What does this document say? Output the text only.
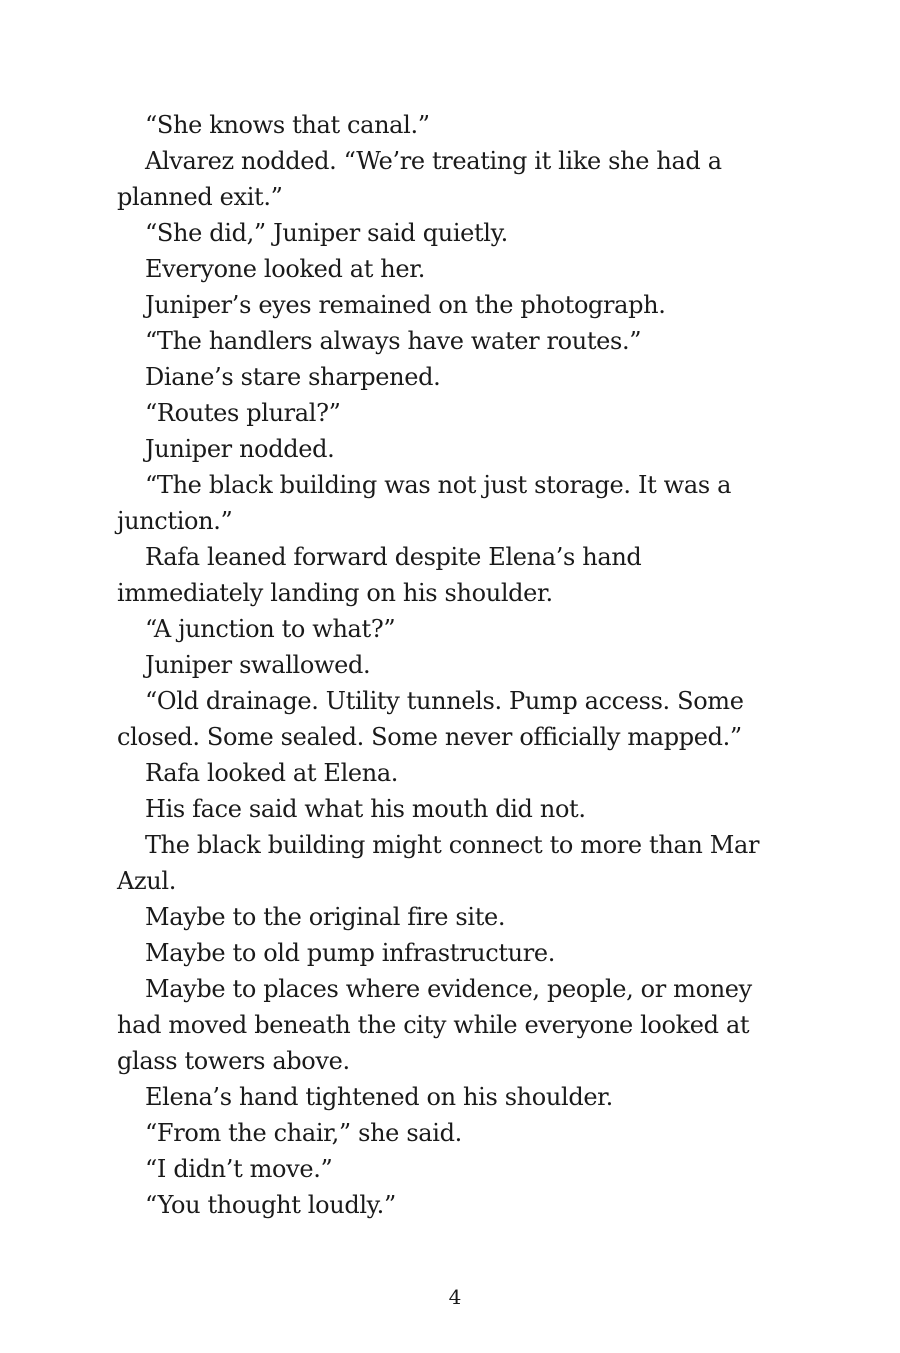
“She knows that canal.”

Alvarez nodded. “We’re treating it like she had a planned exit.”

“She did,” Juniper said quietly.

Everyone looked at her.

Juniper’s eyes remained on the photograph.

“The handlers always have water routes.”

Diane’s stare sharpened.

“Routes plural?”

Juniper nodded.

“The black building was not just storage. It was a junction.”

Rafa leaned forward despite Elena’s hand immediately landing on his shoulder.

“A junction to what?”

Juniper swallowed.

“Old drainage. Utility tunnels. Pump access. Some closed. Some sealed. Some never officially mapped.”

Rafa looked at Elena.

His face said what his mouth did not.

The black building might connect to more than Mar Azul.

Maybe to the original fire site.

Maybe to old pump infrastructure.

Maybe to places where evidence, people, or money had moved beneath the city while everyone looked at glass towers above.

Elena’s hand tightened on his shoulder.

“From the chair,” she said.

“I didn’t move.”

“You thought loudly.”

4
